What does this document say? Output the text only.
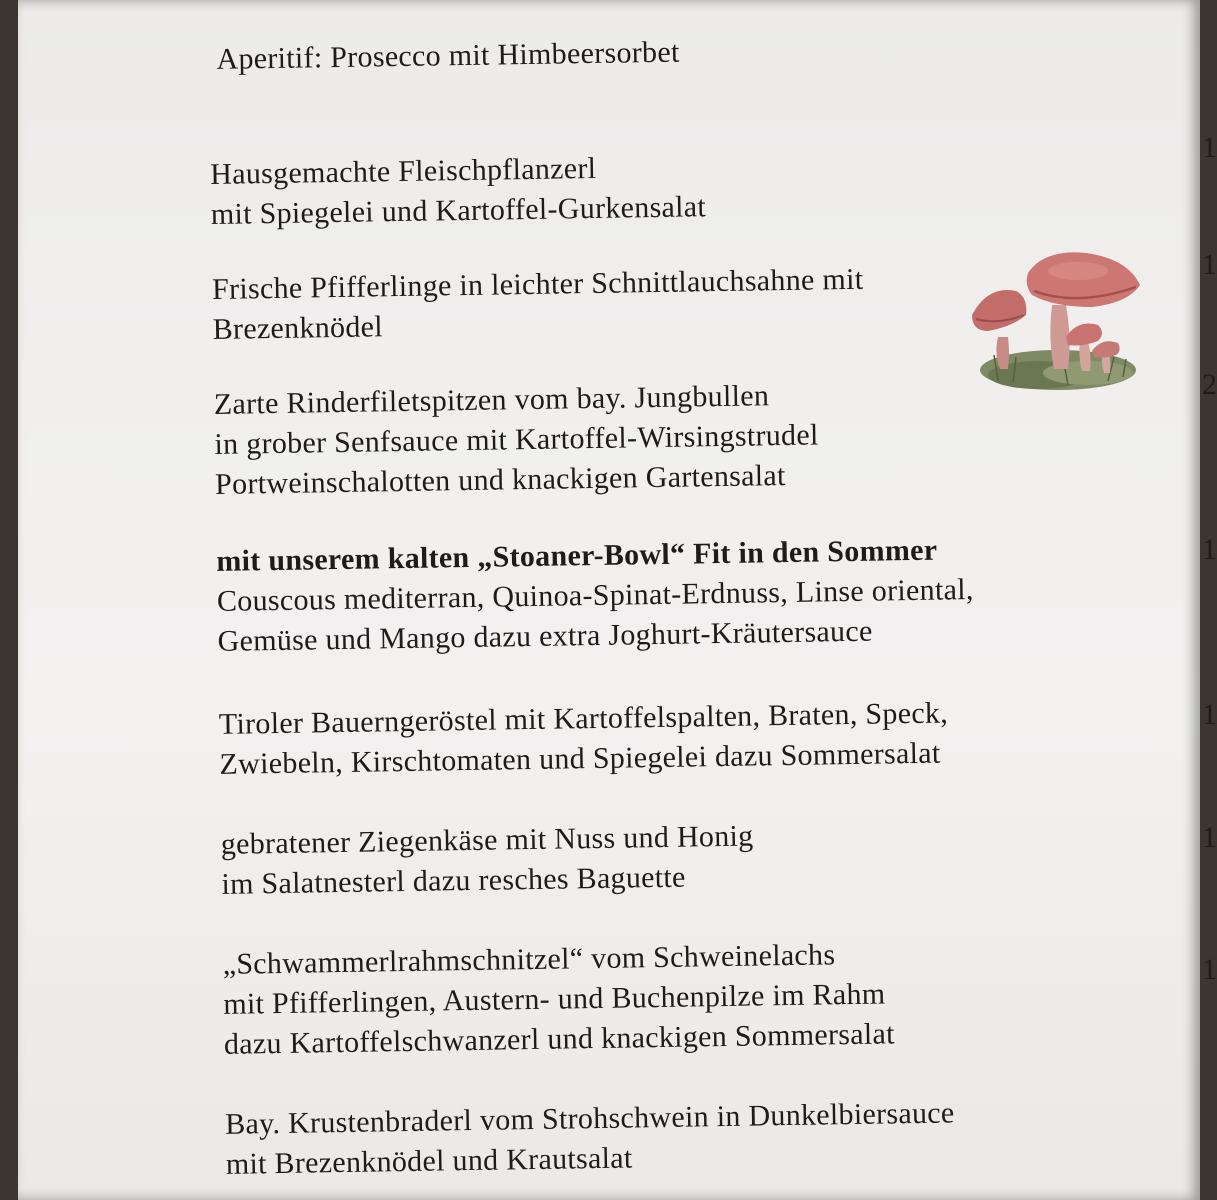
Aperitif: Prosecco mit Himbeersorbet
Hausgemachte Fleischpflanzerl
mit Spiegelei und Kartoffel-Gurkensalat
Frische Pfifferlinge in leichter Schnittlauchsahne mit
Brezenknödel
Zarte Rinderfiletspitzen vom bay. Jungbullen
in grober Senfsauce mit Kartoffel-Wirsingstrudel
Portweinschalotten und knackigen Gartensalat
mit unserem kalten „Stoaner-Bowl“ Fit in den Sommer
Couscous mediterran, Quinoa-Spinat-Erdnuss, Linse oriental,
Gemüse und Mango dazu extra Joghurt-Kräutersauce
Tiroler Bauerngeröstel mit Kartoffelspalten, Braten, Speck,
Zwiebeln, Kirschtomaten und Spiegelei dazu Sommersalat
gebratener Ziegenkäse mit Nuss und Honig
im Salatnesterl dazu resches Baguette
„Schwammerlrahmschnitzel“ vom Schweinelachs
mit Pfifferlingen, Austern- und Buchenpilze im Rahm
dazu Kartoffelschwanzerl und knackigen Sommersalat
Bay. Krustenbraderl vom Strohschwein in Dunkelbiersauce
mit Brezenknödel und Krautsalat
1
1
2
1
1
1
1
